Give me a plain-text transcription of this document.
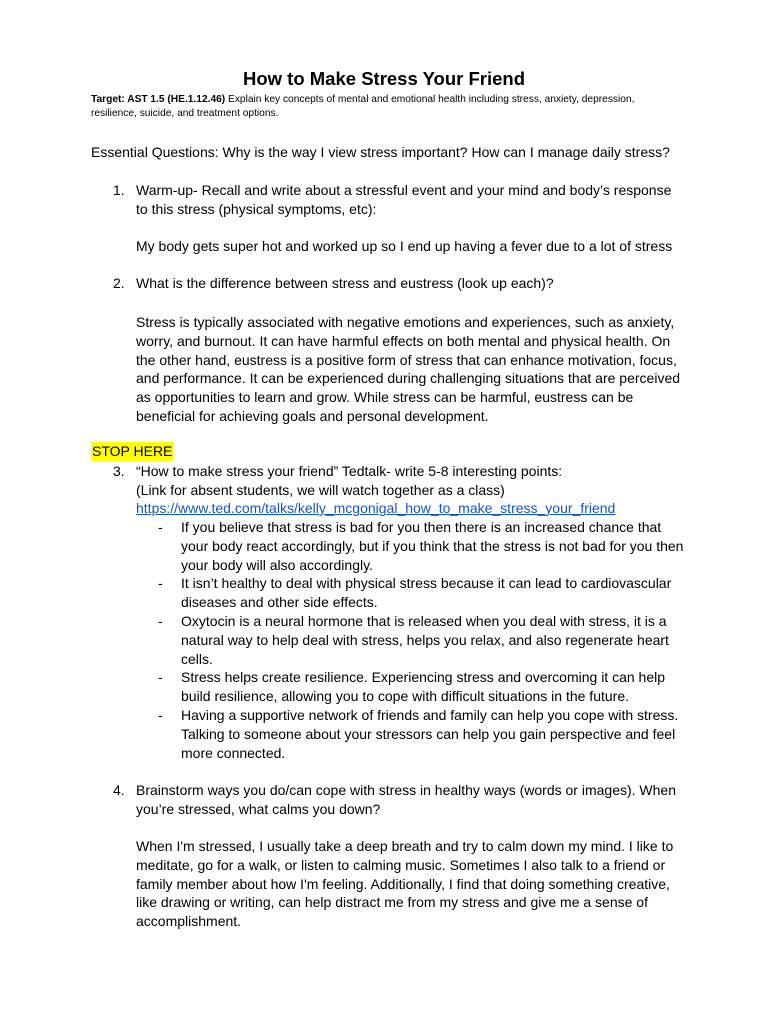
How to Make Stress Your Friend
Target: AST 1.5 (HE.1.12.46) Explain key concepts of mental and emotional health including stress, anxiety, depression, resilience, suicide, and treatment options.
Essential Questions: Why is the way I view stress important? How can I manage daily stress?
1. Warm-up- Recall and write about a stressful event and your mind and body’s response to this stress (physical symptoms, etc):
My body gets super hot and worked up so I end up having a fever due to a lot of stress
2. What is the difference between stress and eustress (look up each)?
Stress is typically associated with negative emotions and experiences, such as anxiety, worry, and burnout. It can have harmful effects on both mental and physical health. On the other hand, eustress is a positive form of stress that can enhance motivation, focus, and performance. It can be experienced during challenging situations that are perceived as opportunities to learn and grow. While stress can be harmful, eustress can be beneficial for achieving goals and personal development.
STOP HERE
3. “How to make stress your friend” Tedtalk- write 5-8 interesting points:
(Link for absent students, we will watch together as a class)
https://www.ted.com/talks/kelly_mcgonigal_how_to_make_stress_your_friend
- If you believe that stress is bad for you then there is an increased chance that your body react accordingly, but if you think that the stress is not bad for you then your body will also accordingly.
- It isn’t healthy to deal with physical stress because it can lead to cardiovascular diseases and other side effects.
- Oxytocin is a neural hormone that is released when you deal with stress, it is a natural way to help deal with stress, helps you relax, and also regenerate heart cells.
- Stress helps create resilience. Experiencing stress and overcoming it can help build resilience, allowing you to cope with difficult situations in the future.
- Having a supportive network of friends and family can help you cope with stress. Talking to someone about your stressors can help you gain perspective and feel more connected.
4. Brainstorm ways you do/can cope with stress in healthy ways (words or images). When you’re stressed, what calms you down?
When I'm stressed, I usually take a deep breath and try to calm down my mind. I like to meditate, go for a walk, or listen to calming music. Sometimes I also talk to a friend or family member about how I'm feeling. Additionally, I find that doing something creative, like drawing or writing, can help distract me from my stress and give me a sense of accomplishment.
